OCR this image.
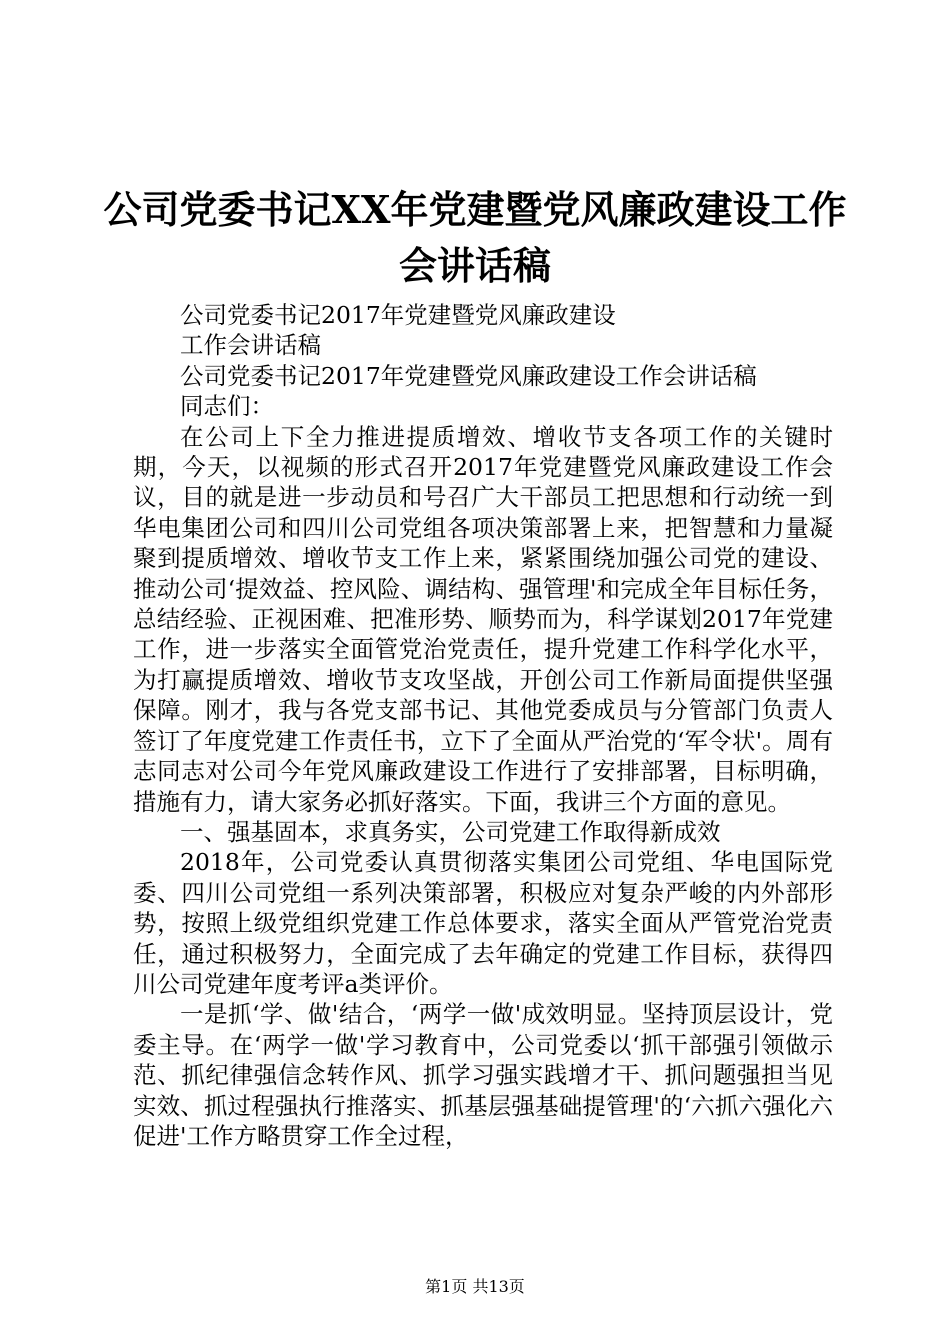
公司党委书记XX年党建暨党风廉政建设工作
会讲话稿

公司党委书记2017年党建暨党风廉政建设

工作会讲话稿

公司党委书记2017年党建暨党风廉政建设工作会讲话稿

同志们：

在公司上下全力推进提质增效、增收节支各项工作的关键时期，今天，以视频的形式召开2017年党建暨党风廉政建设工作会议，目的就是进一步动员和号召广大干部员工把思想和行动统一到华电集团公司和四川公司党组各项决策部署上来，把智慧和力量凝聚到提质增效、增收节支工作上来，紧紧围绕加强公司党的建设、推动公司‘提效益、控风险、调结构、强管理'和完成全年目标任务，总结经验、正视困难、把准形势、顺势而为，科学谋划2017年党建工作，进一步落实全面管党治党责任，提升党建工作科学化水平，为打赢提质增效、增收节支攻坚战，开创公司工作新局面提供坚强保障。刚才，我与各党支部书记、其他党委成员与分管部门负责人签订了年度党建工作责任书，立下了全面从严治党的‘军令状'。周有志同志对公司今年党风廉政建设工作进行了安排部署，目标明确，措施有力，请大家务必抓好落实。下面，我讲三个方面的意见。

一、强基固本，求真务实，公司党建工作取得新成效

2018年，公司党委认真贯彻落实集团公司党组、华电国际党委、四川公司党组一系列决策部署，积极应对复杂严峻的内外部形势，按照上级党组织党建工作总体要求，落实全面从严管党治党责任，通过积极努力，全面完成了去年确定的党建工作目标，获得四川公司党建年度考评a类评价。

一是抓‘学、做'结合，‘两学一做'成效明显。坚持顶层设计，党委主导。在‘两学一做'学习教育中，公司党委以‘抓干部强引领做示范、抓纪律强信念转作风、抓学习强实践增才干、抓问题强担当见实效、抓过程强执行推落实、抓基层强基础提管理'的‘六抓六强化六促进'工作方略贯穿工作全过程，

第1页 共13页
